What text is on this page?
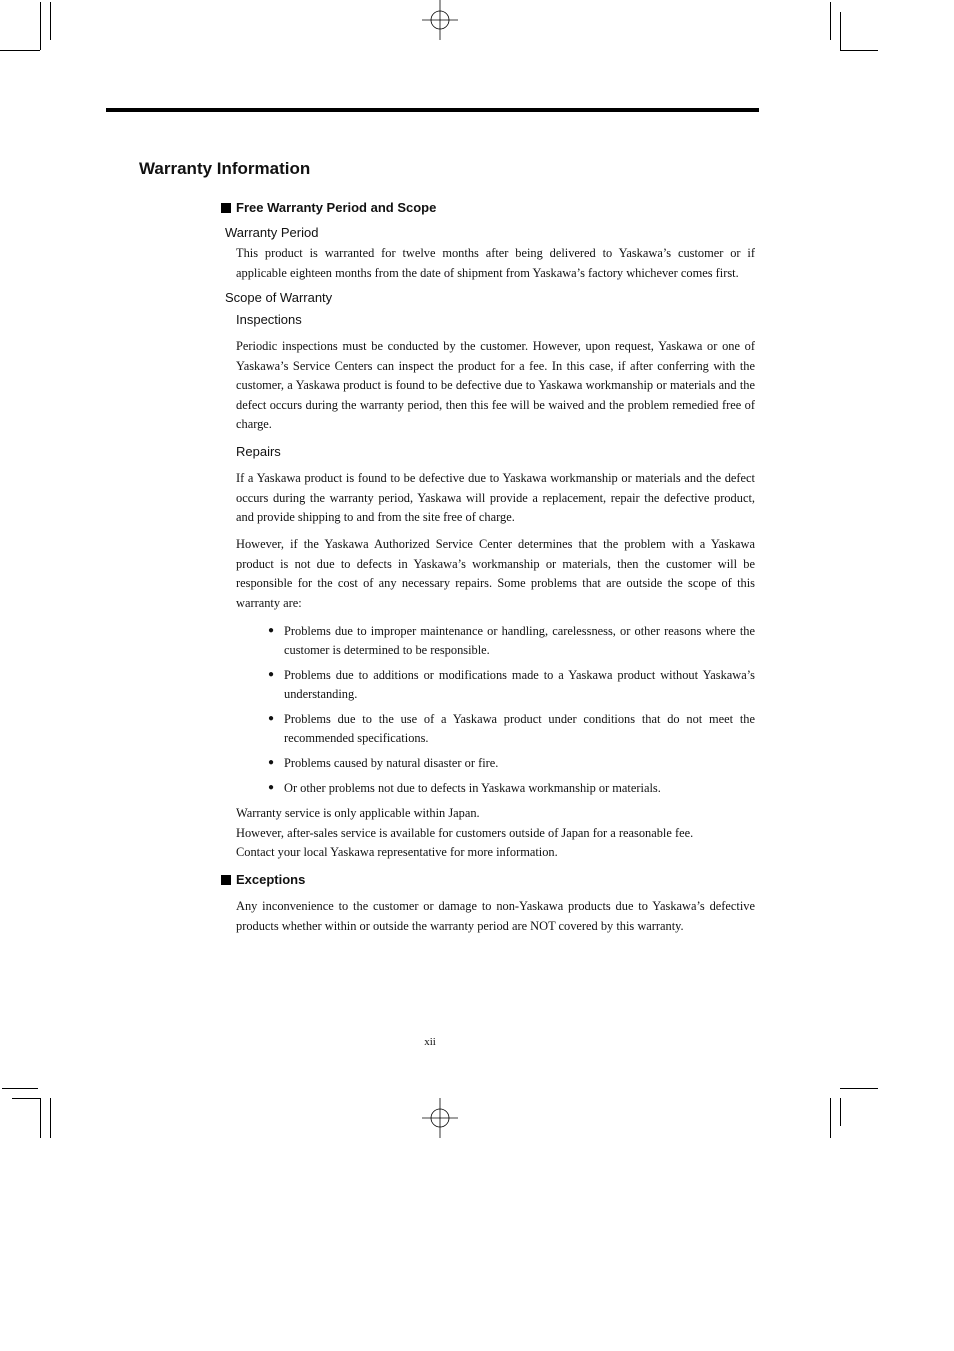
Warranty Information
Free Warranty Period and Scope
Warranty Period
This product is warranted for twelve months after being delivered to Yaskawa’s customer or if applicable eighteen months from the date of shipment from Yaskawa’s factory whichever comes first.
Scope of Warranty
Inspections
Periodic inspections must be conducted by the customer. However, upon request, Yaskawa or one of Yaskawa’s Service Centers can inspect the product for a fee. In this case, if after conferring with the customer, a Yaskawa product is found to be defective due to Yaskawa workmanship or materials and the defect occurs during the warranty period, then this fee will be waived and the problem remedied free of charge.
Repairs
If a Yaskawa product is found to be defective due to Yaskawa workmanship or materials and the defect occurs during the warranty period, Yaskawa will provide a replacement, repair the defective product, and provide shipping to and from the site free of charge.
However, if the Yaskawa Authorized Service Center determines that the problem with a Yaskawa product is not due to defects in Yaskawa’s workmanship or materials, then the customer will be responsible for the cost of any necessary repairs. Some problems that are outside the scope of this warranty are:
● Problems due to improper maintenance or handling, carelessness, or other reasons where the customer is determined to be responsible.
● Problems due to additions or modifications made to a Yaskawa product without Yaskawa’s understanding.
● Problems due to the use of a Yaskawa product under conditions that do not meet the recommended specifications.
● Problems caused by natural disaster or fire.
● Or other problems not due to defects in Yaskawa workmanship or materials.
Warranty service is only applicable within Japan.
However, after-sales service is available for customers outside of Japan for a reasonable fee.
Contact your local Yaskawa representative for more information.
Exceptions
Any inconvenience to the customer or damage to non-Yaskawa products due to Yaskawa’s defective products whether within or outside the warranty period are NOT covered by this warranty.
xii
